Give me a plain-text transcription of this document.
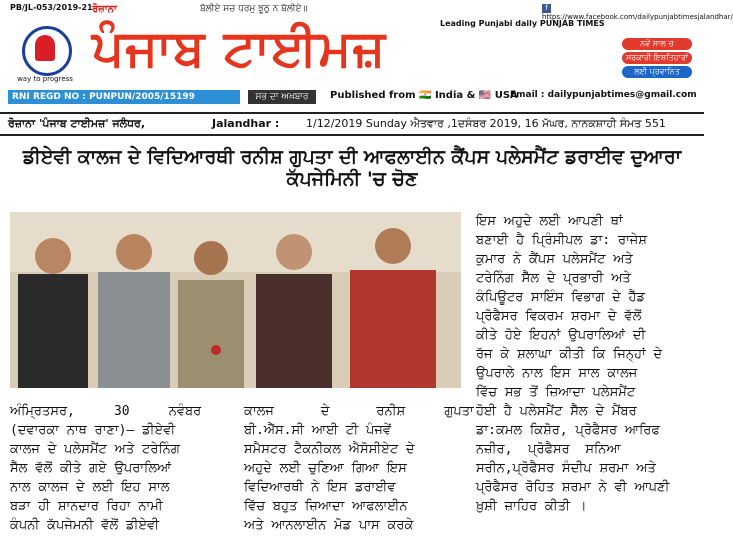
PB/JL-053/2019-21
way to progress
ਰੋਜ਼ਾਨਾ	ਬੋਲੀਏ ਸਚ ਧਰਮੁ ਝੂਠੁ ਨ ਬੋਲੀਏ॥
ਪੰਜਾਬ ਟਾਈਮਜ਼
fhttps://www.facebook.com/dailypunjabtimesjalandhar/
Leading Punjabi daily PUNJAB TIMES
ਨਵੇਂ ਸਾਲ ਚ
ਸਰਕਾਰੀ ਇਸ਼ਤਿਹਾਰਾਂ
ਲਈ ਪ੍ਰਵਾਨਿਤ
RNI REGD NO : PUNPUN/2005/15199	ਸਭ ਦਾ ਅਖ਼ਬਾਰ	Published from 🇮🇳 India & 🇺🇸 USA
Email : dailypunjabtimes@gmail.com
ਰੋਜ਼ਾਨਾ 'ਪੰਜਾਬ ਟਾਈਮਜ਼' ਜਲੰਧਰ,	Jalandhar : 1/12/2019 Sunday ਐਤਵਾਰ ,1ਦਸੰਬਰ 2019, 16 ਮੱਘਰ, ਨਾਨਕਸ਼ਾਹੀ ਸੰਮਤ 551
ਡੀਏਵੀ ਕਾਲਜ ਦੇ ਵਿਦਿਆਰਥੀ ਰਨੀਸ਼ ਗੁਪਤਾ ਦੀ ਆਫਲਾਈਨ ਕੈਂਪਸ ਪਲੇਸਮੈਂਟ ਡਰਾਈਵ ਦੁਆਰਾ ਕੱਪਜੇਮਿਨੀ 'ਚ ਚੋਣ
ਇਸ ਅਹੁਦੇ ਲਈ ਆਪਣੀ ਥਾਂ
ਬਣਾਈ ਹੈ ਪ੍ਰਿੰਸੀਪਲ ਡਾ: ਰਾਜੇਸ਼
ਕੁਮਾਰ ਨੇ ਕੈਂਪਸ ਪਲੇਸਮੈਂਟ ਅਤੇ
ਟਰੇਨਿੰਗ ਸੈੱਲ ਦੇ ਪ੍ਰਭਾਰੀ ਅਤੇ
ਕੰਪਿਊਟਰ ਸਾਇੰਸ ਵਿਭਾਗ ਦੇ ਹੈੱਡ
ਪ੍ਰੋਫੈਸਰ ਵਿਕਰਮ ਸ਼ਰਮਾ ਦੇ ਵੱਲੋਂ
ਕੀਤੇ ਹੋਏ ਇਹਨਾਂ ਉਪਰਾਲਿਆਂ ਦੀ
ਰੱਜ ਕੇ ਸ਼ਲਾਘਾ ਕੀਤੀ ਕਿ ਜਿਨ੍ਹਾਂ ਦੇ
ਉਪਰਾਲੇ ਨਾਲ ਇਸ ਸਾਲ ਕਾਲਜ
ਵਿੱਚ ਸਭ ਤੋਂ ਜ਼ਿਆਦਾ ਪਲੇਸਮੈਂਟ
ਹੋਈ ਹੈ ਪਲੇਸਮੈਂਟ ਸੈੱਲ ਦੇ ਮੈਂਬਰ
ਡਾ:ਕਮਲ ਕਿਸ਼ੋਰ, ਪ੍ਰੋਫੈਸਰ ਆਰਿਫ
ਨਜ਼ੀਰ,  ਪ੍ਰੋਫੈਸਰ  ਸਨਿਆ
ਸਰੀਨ,ਪ੍ਰੋਫੈਸਰ ਸੰਦੀਪ ਸ਼ਰਮਾ ਅਤੇ
ਪ੍ਰੋਫੈਸਰ ਰੋਹਿਤ ਸ਼ਰਮਾ ਨੇ ਵੀ ਆਪਣੀ
ਖ਼ੁਸ਼ੀ ਜ਼ਾਹਿਰ ਕੀਤੀ ।
ਅੰਮ੍ਰਿਤਸਰ,     30     ਨਵੰਬਰ
(ਦਵਾਰਕਾ ਨਾਥ ਰਾਣਾ)– ਡੀਏਵੀ
ਕਾਲਜ ਦੇ ਪਲੇਸਮੈਂਟ ਅਤੇ ਟਰੇਨਿੰਗ
ਸੈੱਲ ਵੱਲੋਂ ਕੀਤੇ ਗਏ ਉਪਰਾਲਿਆਂ
ਨਾਲ ਕਾਲਜ ਦੇ ਲਈ ਇਹ ਸਾਲ
ਬੜਾ ਹੀ ਸ਼ਾਨਦਾਰ ਰਿਹਾ ਨਾਮੀ
ਕੰਪਨੀ ਕੱਪਜੇਮਨੀ ਵੱਲੋਂ ਡੀਏਵੀ
ਕਾਲਜ      ਦੇ      ਰਨੀਸ਼     ਗੁਪਤਾ
ਬੀ.ਐੱਸ.ਸੀ ਆਈ ਟੀ ਪੰਜਵੇਂ
ਸਮੈਸਟਰ ਟੈਕਨੀਕਲ ਐਸੋਸੀਏਟ ਦੇ
ਅਹੁਦੇ ਲਈ ਚੁਣਿਆ ਗਿਆ ਇਸ
ਵਿਦਿਆਰਥੀ ਨੇ ਇਸ ਡਰਾਈਵ
ਵਿੱਚ ਬਹੁਤ ਜ਼ਿਆਦਾ ਆਫਲਾਈਨ
ਅਤੇ ਆਨਲਾਈਨ ਮੋਡ ਪਾਸ ਕਰਕੇ
